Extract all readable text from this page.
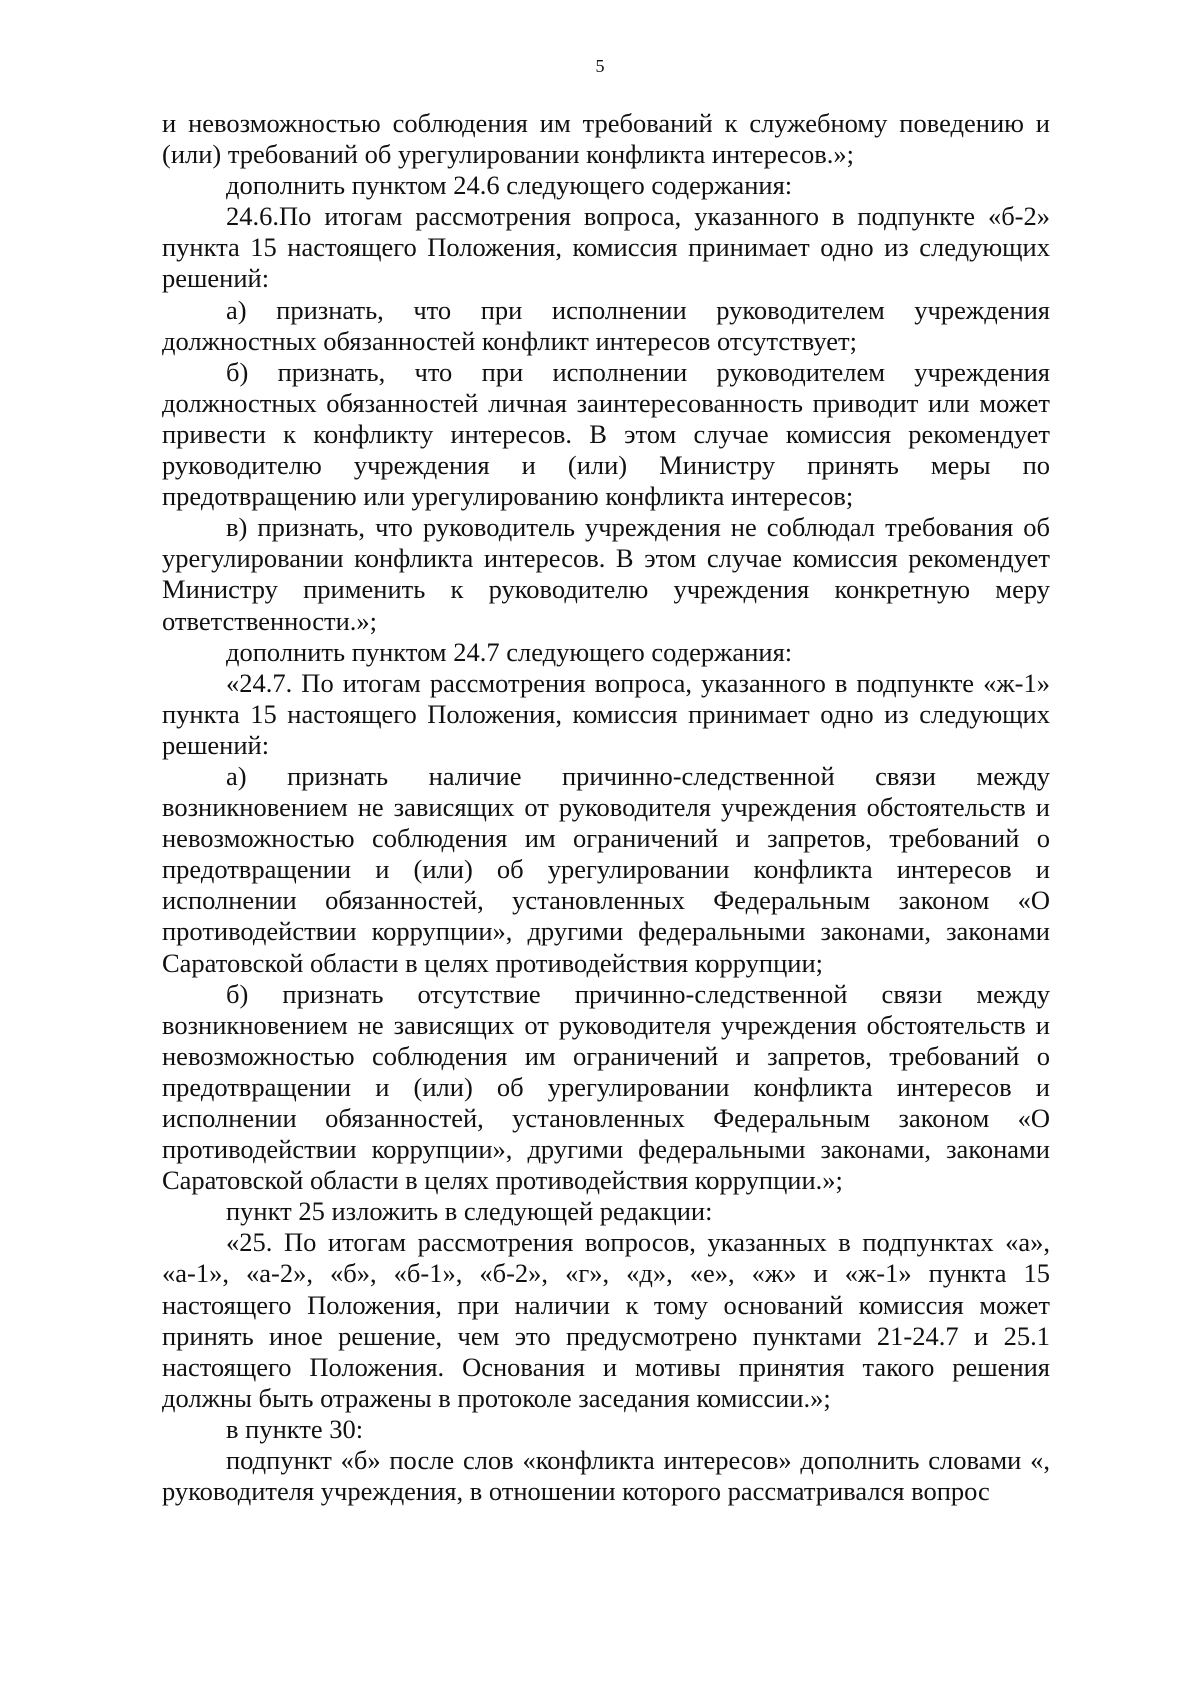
5

и невозможностью соблюдения им требований к служебному поведению и (или) требований об урегулировании конфликта интересов.»;

дополнить пунктом 24.6 следующего содержания:

24.6.По итогам рассмотрения вопроса, указанного в подпункте «б-2» пункта 15 настоящего Положения, комиссия принимает одно из следующих решений:

а) признать, что при исполнении руководителем учреждения должностных обязанностей конфликт интересов отсутствует;

б) признать, что при исполнении руководителем учреждения должностных обязанностей личная заинтересованность приводит или может привести к конфликту интересов. В этом случае комиссия рекомендует руководителю учреждения и (или) Министру принять меры по предотвращению или урегулированию конфликта интересов;

в) признать, что руководитель учреждения не соблюдал требования об урегулировании конфликта интересов. В этом случае комиссия рекомендует Министру применить к руководителю учреждения конкретную меру ответственности.»;

дополнить пунктом 24.7 следующего содержания:

«24.7. По итогам рассмотрения вопроса, указанного в подпункте «ж-1» пункта 15 настоящего Положения, комиссия принимает одно из следующих решений:

а) признать наличие причинно-следственной связи между возникновением не зависящих от руководителя учреждения обстоятельств и невозможностью соблюдения им ограничений и запретов, требований о предотвращении и (или) об урегулировании конфликта интересов и исполнении обязанностей, установленных Федеральным законом «О противодействии коррупции», другими федеральными законами, законами Саратовской области в целях противодействия коррупции;

б) признать отсутствие причинно-следственной связи между возникновением не зависящих от руководителя учреждения обстоятельств и невозможностью соблюдения им ограничений и запретов, требований о предотвращении и (или) об урегулировании конфликта интересов и исполнении обязанностей, установленных Федеральным законом «О противодействии коррупции», другими федеральными законами, законами Саратовской области в целях противодействия коррупции.»;

пункт 25 изложить в следующей редакции:

«25. По итогам рассмотрения вопросов, указанных в подпунктах «а», «а-1», «а-2», «б», «б-1», «б-2», «г», «д», «е», «ж» и «ж-1» пункта 15 настоящего Положения, при наличии к тому оснований комиссия может принять иное решение, чем это предусмотрено пунктами 21-24.7 и 25.1 настоящего Положения. Основания и мотивы принятия такого решения должны быть отражены в протоколе заседания комиссии.»;

в пункте 30:

подпункт «б» после слов «конфликта интересов» дополнить словами «, руководителя учреждения, в отношении которого рассматривался вопрос
